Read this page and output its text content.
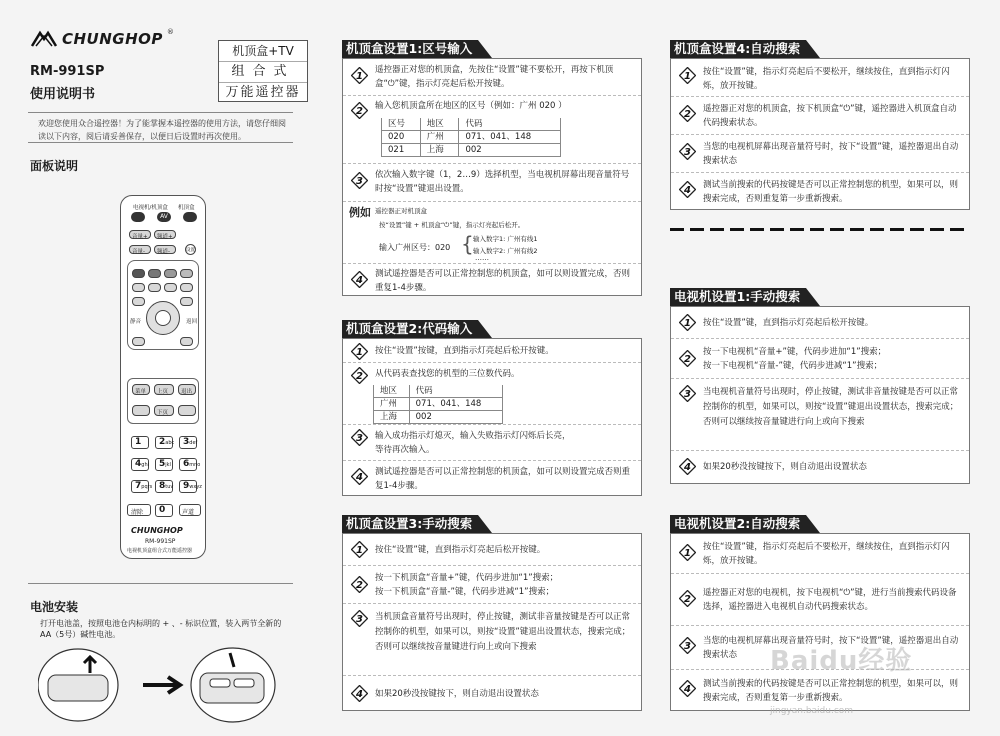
CHUNGHOP ®
RM-991SP
使用说明书
机顶盒+TV
组合式
万能遥控器
欢迎您使用众合遥控器！为了能掌握本遥控器的使用方法，请您仔细阅读以下内容，阅后请妥善保存，以便日后设置时再次使用。
面板说明
电视机/机顶盒 机顶盒
AV
音量+ 频道+
音量- 频道-	设置
静音	返回
菜单 上页 退出
下页
1	2abc 3def
4ghi	5jkl	6mno
7pqrs 8tuv	9wxyz
清除	0	声道
CHUNGHOP
RM-991SP
电视机顶盒组合式万能遥控器
电池安装
打开电池盖，按照电池仓内标明的 + 、- 标识位置，装入两节全新的AA（5号）碱性电池。
机顶盒设置1:区号输入
1
遥控器正对您的机顶盒，先按住“设置”键不要松开，再按下机顶盒“⏻”键，指示灯亮起后松开按键。
2 输入您机顶盒所在地区的区号（例如：广州 020 ）
区号	地区	代码
020	广州	071、041、148
021	上海	002
3
依次输入数字键（1，2…9）选择机型，当电视机屏幕出现音量符号时按“设置”键退出设置。
例如 遥控器正对机顶盒
按“设置”键 + 机顶盒“⏻”键，指示灯亮起后松开。
输入广州区号：020 { 输入数字1: 广州有线1
输入数字2: 广州有线2
……
4
测试遥控器是否可以正常控制您的机顶盒，如可以则设置完成，否则重复1-4步骤。
机顶盒设置2:代码输入
1 按住“设置”按键，直到指示灯亮起后松开按键。
2 从代码表查找您的机型的三位数代码。
地区	代码
广州	071、041、148
上海	002
3 输入成功指示灯熄灭，输入失败指示灯闪烁后长亮，
等待再次输入。
4 测试遥控器是否可以正常控制您的机顶盒，如可以则设置完成否则重复1-4步骤。
机顶盒设置3:手动搜索
1 按住“设置”键，直到指示灯亮起后松开按键。
2
按一下机顶盒“音量+”键，代码步进加“1”搜索；
按一下机顶盒“音量-”键，代码步进减“1”搜索；
3 当机顶盒音量符号出现时，停止按键，测试非音量按键是否可以正常控制你的机型，如果可以，则按“设置”键退出设置状态，搜索完成；否则可以继续按音量键进行向上或向下搜索
4 如果20秒没按键按下，则自动退出设置状态
机顶盒设置4:自动搜索
1 按住“设置”键，指示灯亮起后不要松开，继续按住，直到指示灯闪烁，放开按键。
2 遥控器正对您的机顶盒，按下机顶盒“⏻”键，遥控器进入机顶盒自动代码搜索状态。
3 当您的电视机屏幕出现音量符号时，按下“设置”键，遥控器退出自动搜索状态
4 测试当前搜索的代码按键是否可以正常控制您的机型，如果可以，则搜索完成，否则重复第一步重新搜索。
电视机设置1:手动搜索
1 按住“设置”键，直到指示灯亮起后松开按键。
2
按一下电视机“音量+”键，代码步进加“1”搜索；
按一下电视机“音量-”键，代码步进减“1”搜索；
3 当电视机音量符号出现时，停止按键，测试非音量按键是否可以正常控制你的机型，如果可以，则按“设置”键退出设置状态，搜索完成；否则可以继续按音量键进行向上或向下搜索
4 如果20秒没按键按下，则自动退出设置状态
电视机设置2:自动搜索
1
按住“设置”键，指示灯亮起后不要松开，继续按住，直到指示灯闪烁，放开按键。
2
遥控器正对您的电视机，按下电视机“⏻”键，进行当前搜索代码设备选择，遥控器进入电视机自动代码搜索状态。
3 当您的电视机屏幕出现音量符号时，按下“设置”键，遥控器退出自动搜索状态
4 测试当前搜索的代码按键是否可以正常控制您的机型，如果可以，则搜索完成，否则重复第一步重新搜索。
Baidu经验
jingyan.baidu.com
